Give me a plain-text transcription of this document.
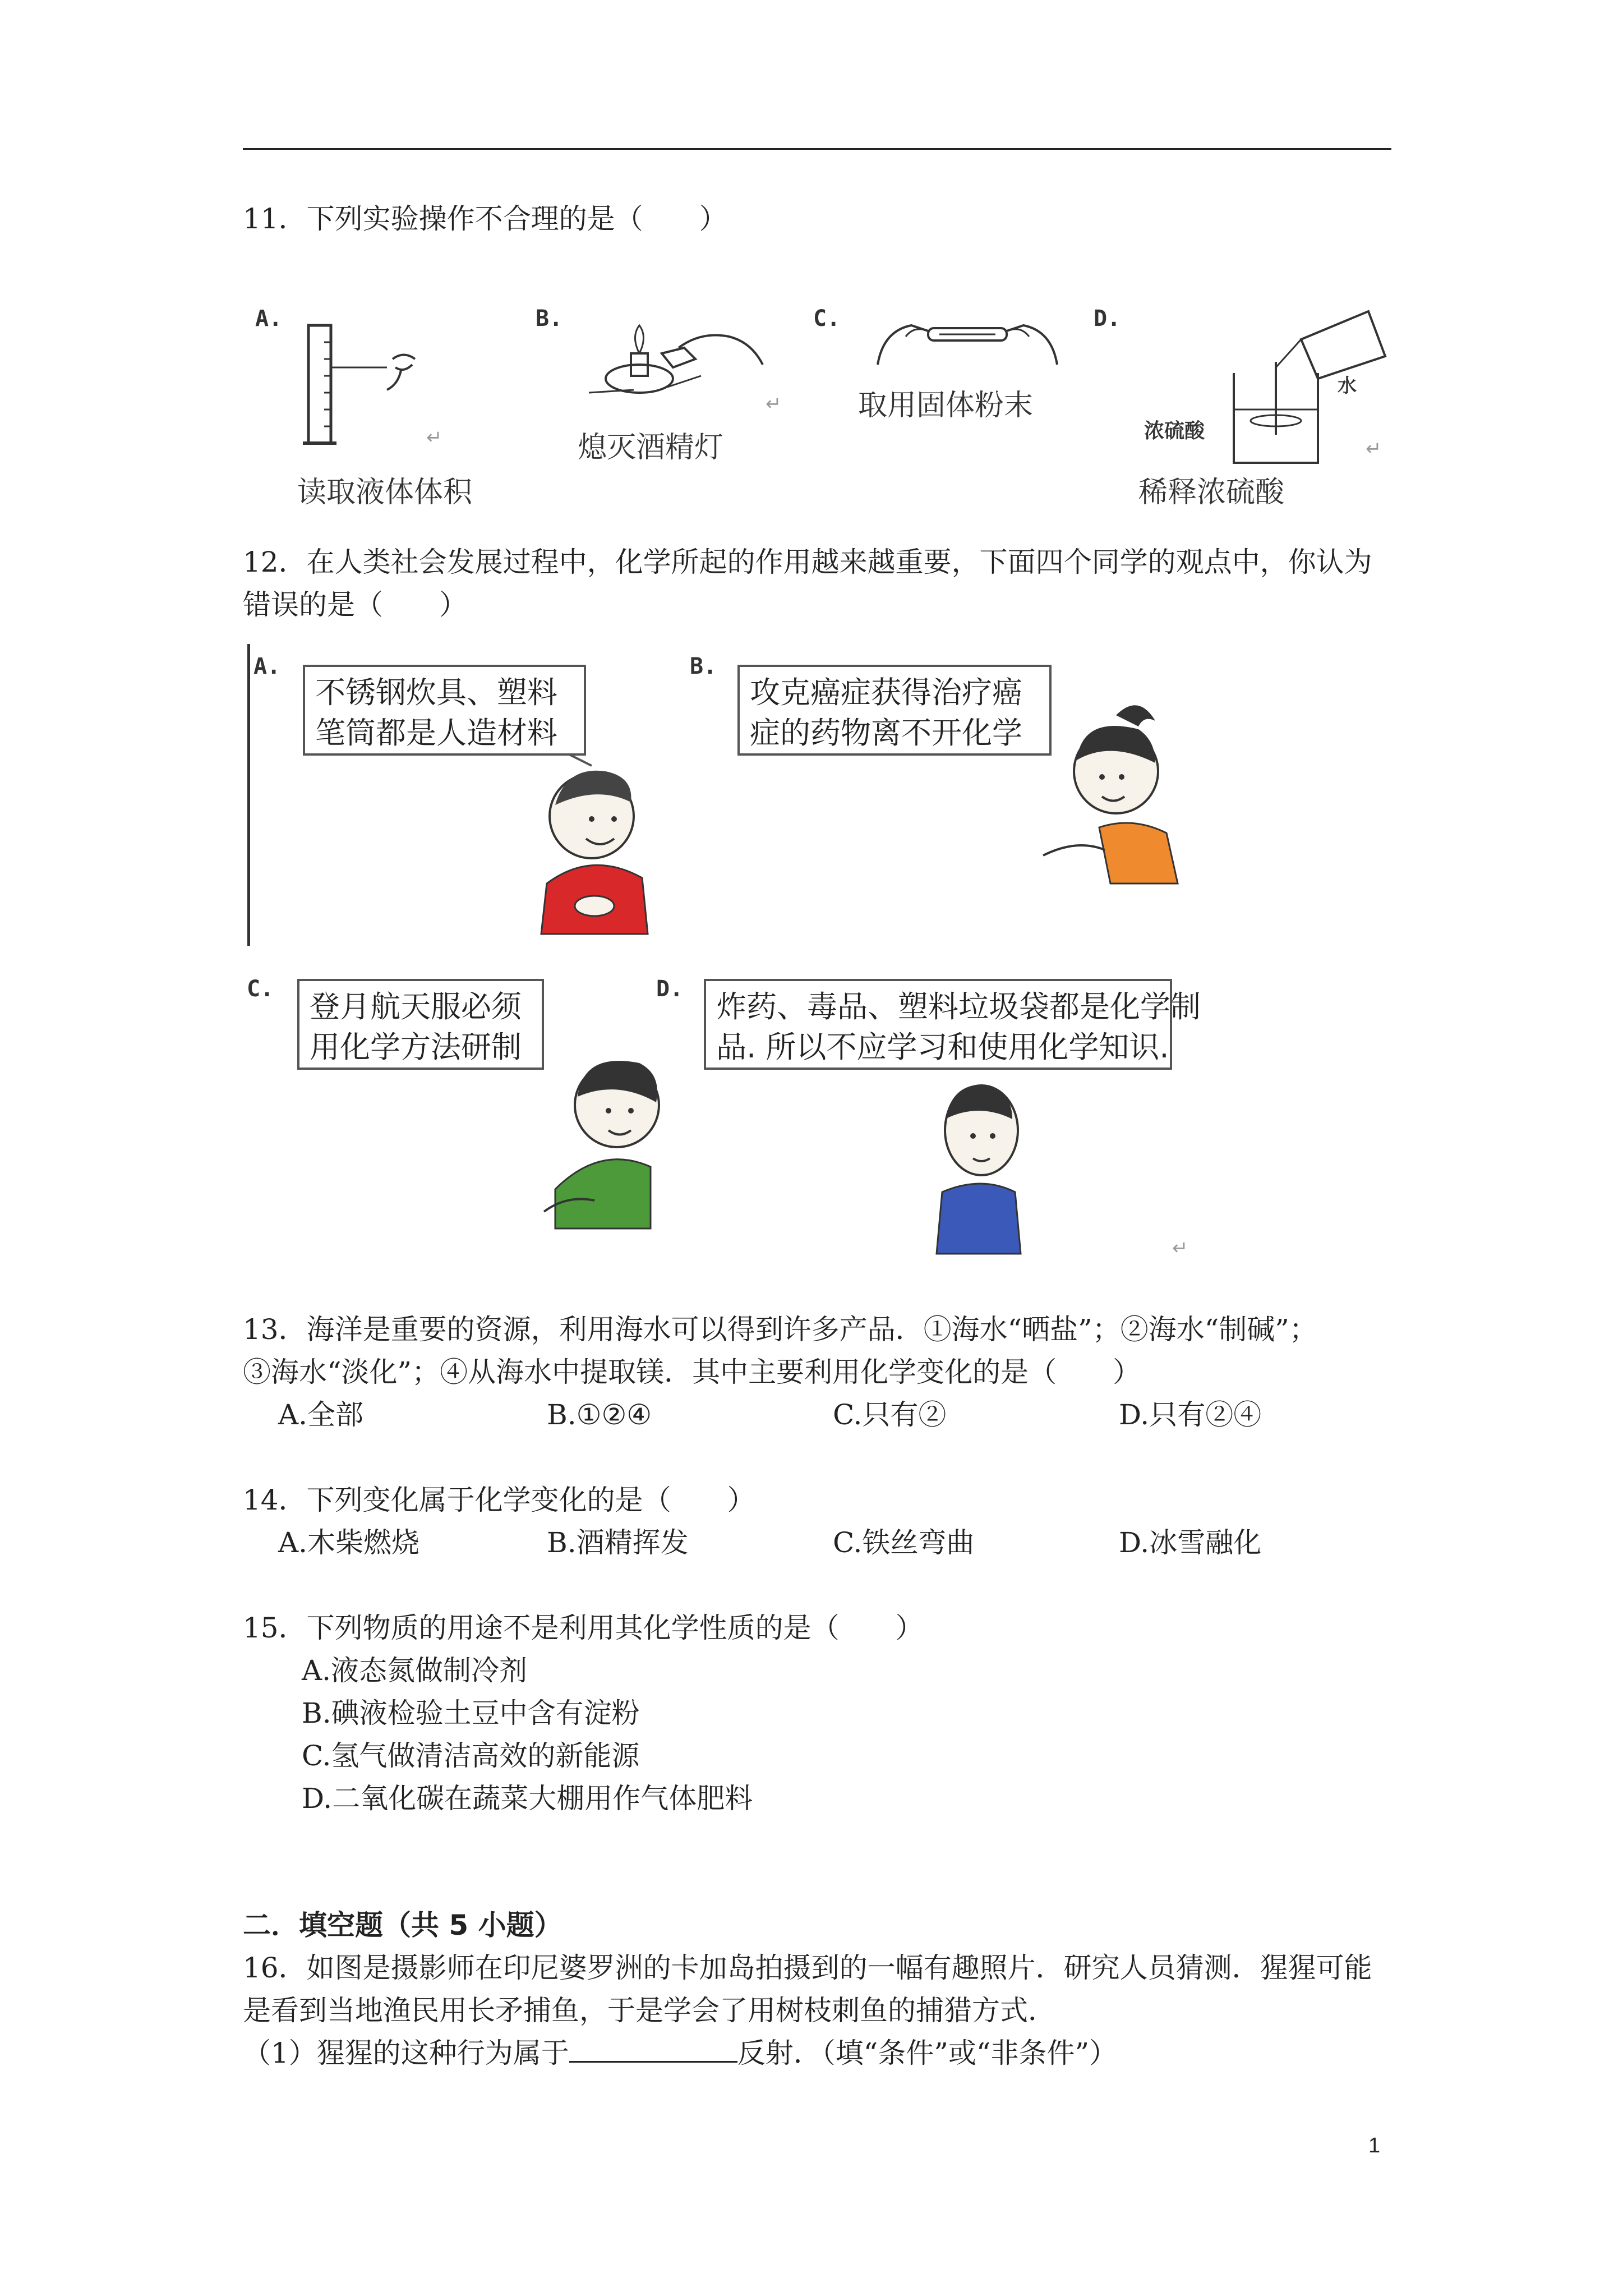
11．下列实验操作不合理的是（　　）
A.
读取液体体积
B.
熄灭酒精灯
C.
取用固体粉末
D.
浓硫酸
水
稀释浓硫酸
↵
↵
↵
12．在人类社会发展过程中，化学所起的作用越来越重要，下面四个同学的观点中，你认为
错误的是（　　）
A.
不锈钢炊具、塑料
笔筒都是人造材料
B.
攻克癌症获得治疗癌
症的药物离不开化学
C. 登月航天服必须
用化学方法研制
D. 炸药、毒品、塑料垃圾袋都是化学制
品. 所以不应学习和使用化学知识.
↵
13．海洋是重要的资源，利用海水可以得到许多产品．①海水“晒盐”；②海水“制碱”；
③海水“淡化”；④从海水中提取镁．其中主要利用化学变化的是（　　）
A.全部	B.①②④	C.只有②	D.只有②④
14．下列变化属于化学变化的是（　　）
A.木柴燃烧	B.酒精挥发	C.铁丝弯曲	D.冰雪融化
15．下列物质的用途不是利用其化学性质的是（　　）
A.液态氮做制冷剂
B.碘液检验土豆中含有淀粉
C.氢气做清洁高效的新能源
D.二氧化碳在蔬菜大棚用作气体肥料
二．填空题（共 5 小题）
16．如图是摄影师在印尼婆罗洲的卡加岛拍摄到的一幅有趣照片．研究人员猜测．猩猩可能
是看到当地渔民用长矛捕鱼，于是学会了用树枝刺鱼的捕猎方式．
（1）猩猩的这种行为属于	反射．（填“条件”或“非条件”）
1
